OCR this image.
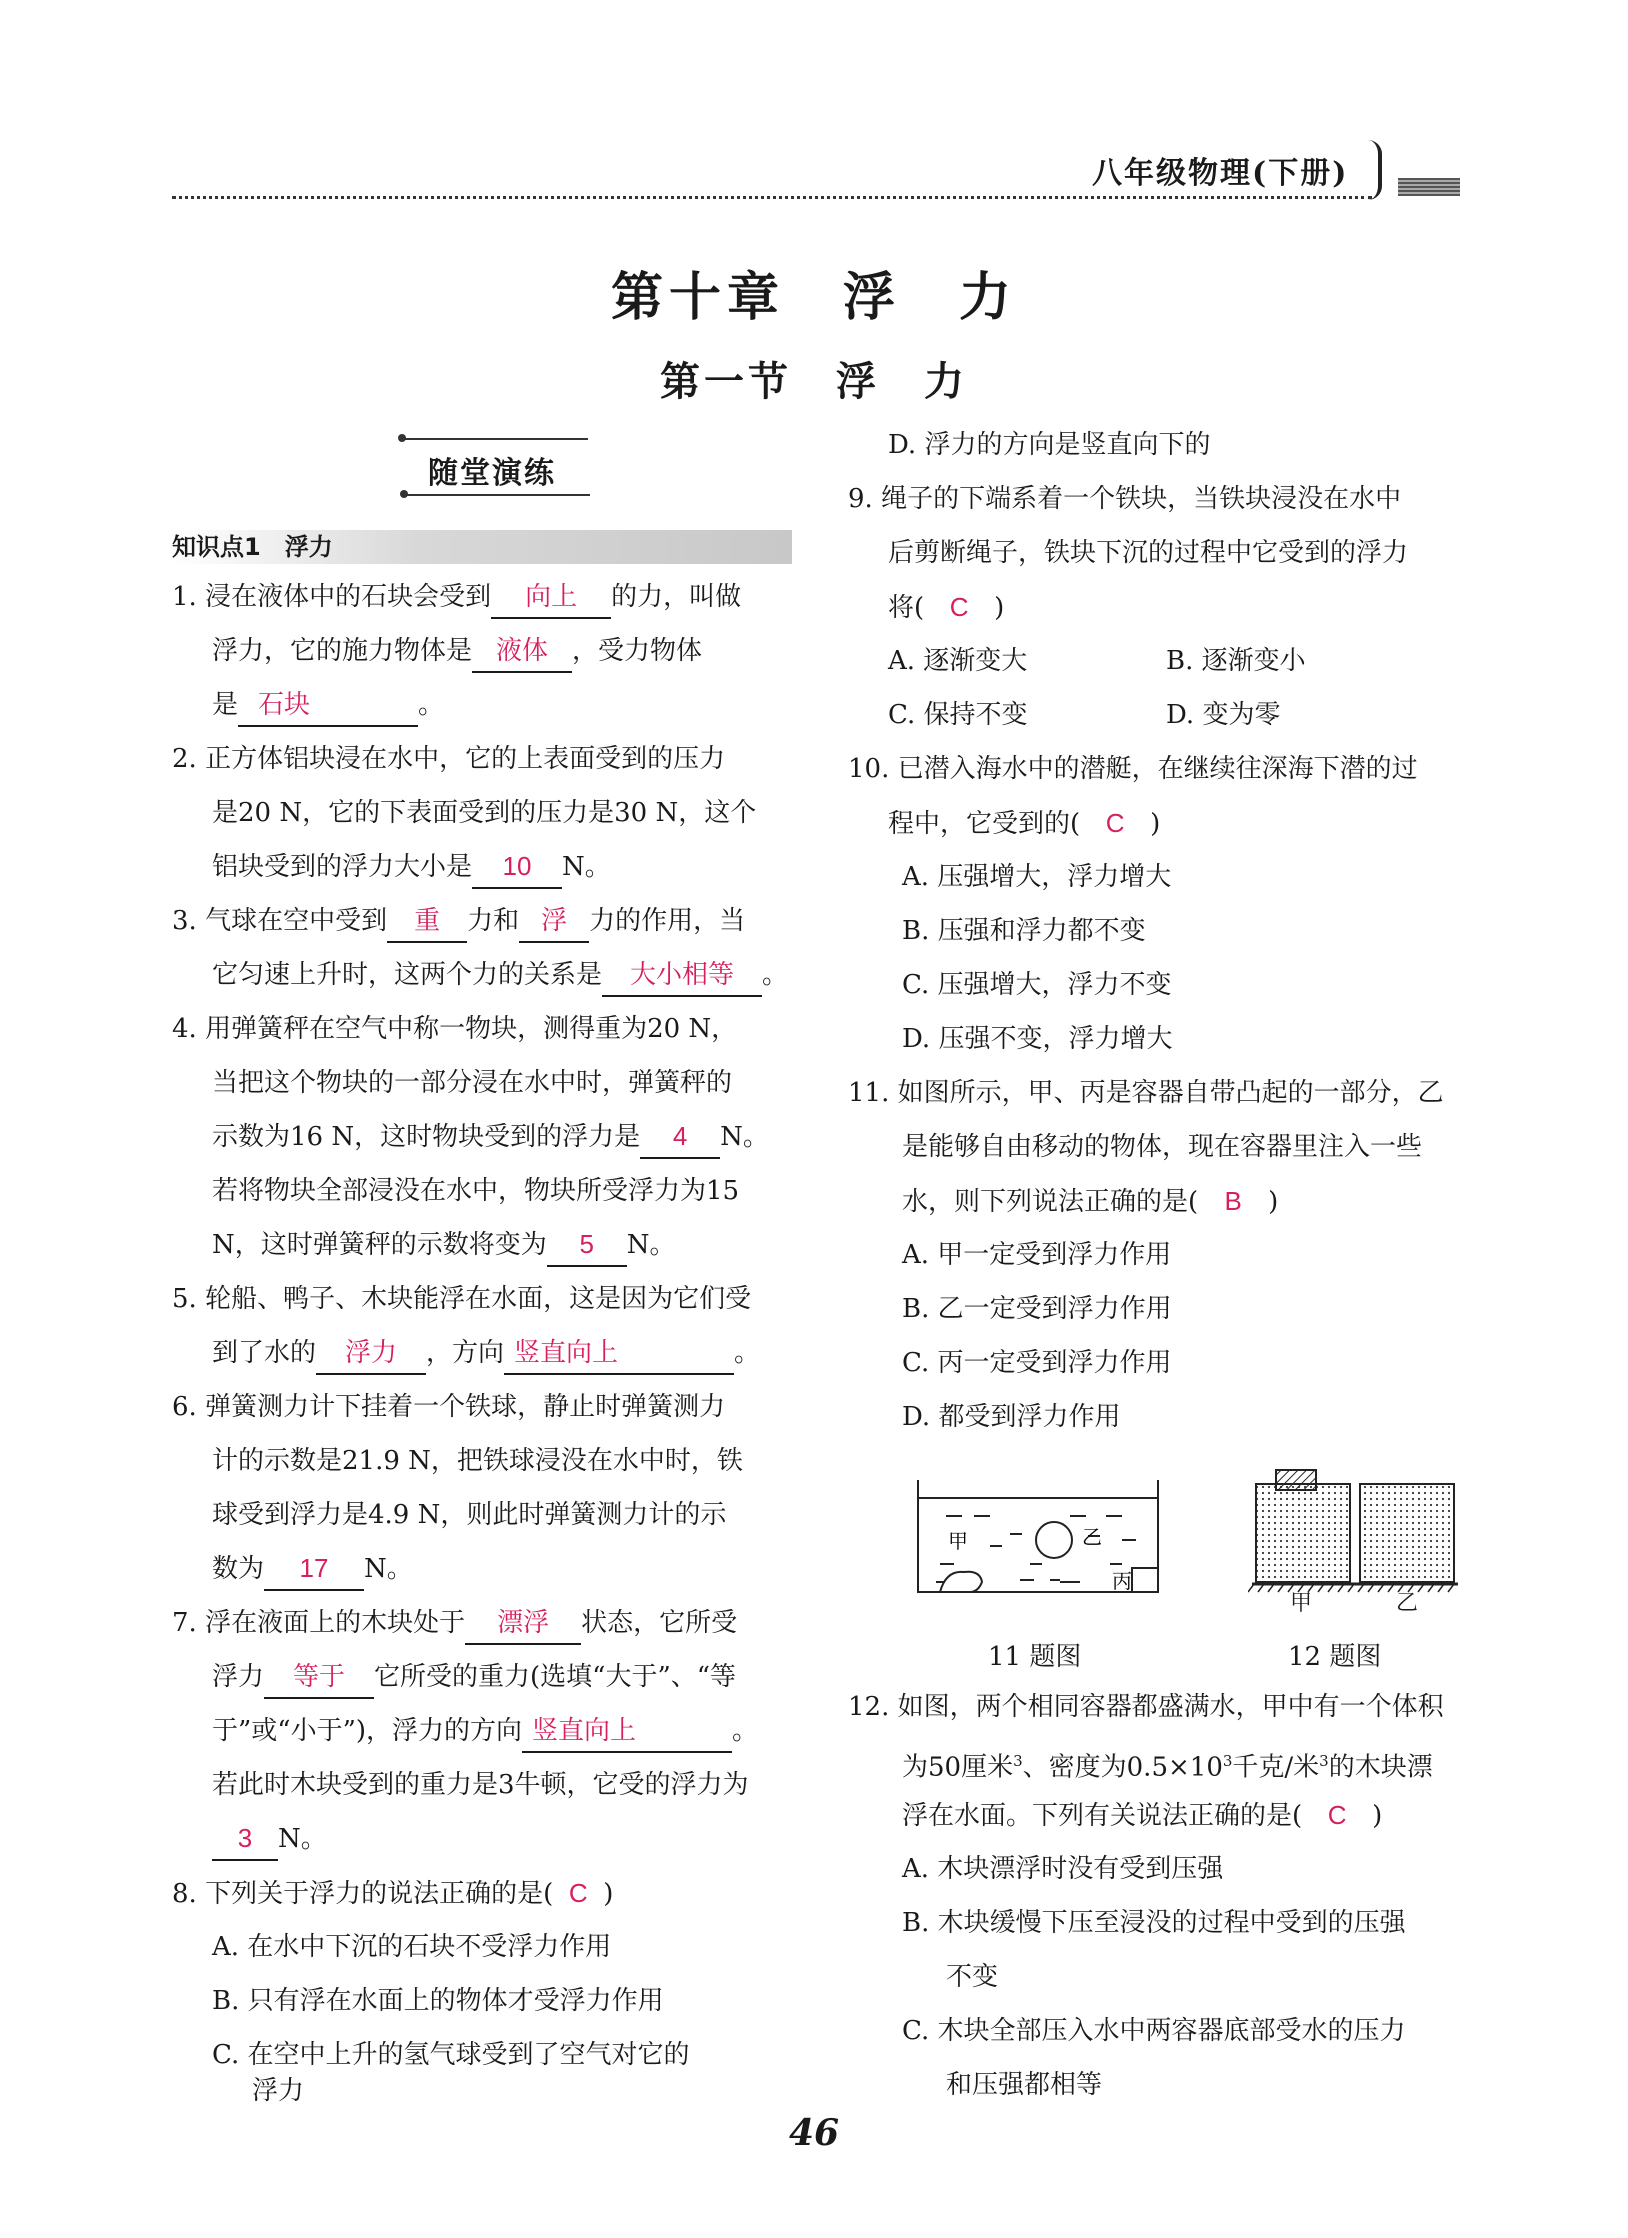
八年级物理(下册)
第十章　浮　力
第一节　浮　力
随堂演练
知识点1　浮力
1. 浸在液体中的石块会受到 向上 的力，叫做
浮力，它的施力物体是 液体 ，受力物体
是 石块	。
2. 正方体铝块浸在水中，它的上表面受到的压力
是20 N，它的下表面受到的压力是30 N，这个
铝块受到的浮力大小是 10 N。
3. 气球在空中受到 重 力和 浮 力的作用，当
它匀速上升时，这两个力的关系是 大小相等 。
4. 用弹簧秤在空气中称一物块，测得重为20 N，
当把这个物块的一部分浸在水中时，弹簧秤的
示数为16 N，这时物块受到的浮力是 4 N。
若将物块全部浸没在水中，物块所受浮力为15
N，这时弹簧秤的示数将变为 5 N。
5. 轮船、鸭子、木块能浮在水面，这是因为它们受
到了水的 浮力 ，方向 竖直向上	。
6. 弹簧测力计下挂着一个铁球，静止时弹簧测力
计的示数是21.9 N，把铁球浸没在水中时，铁
球受到浮力是4.9 N，则此时弹簧测力计的示
数为 17 N。
7. 浮在液面上的木块处于 漂浮 状态，它所受
浮力 等于 它所受的重力(选填“大于”、“等
于”或“小于”)，浮力的方向 竖直向上	。
若此时木块受到的重力是3牛顿，它受的浮力为
3 N。
8. 下列关于浮力的说法正确的是( C )
A. 在水中下沉的石块不受浮力作用
B. 只有浮在水面上的物体才受浮力作用
C. 在空中上升的氢气球受到了空气对它的
浮力
D. 浮力的方向是竖直向下的
9. 绳子的下端系着一个铁块，当铁块浸没在水中
后剪断绳子，铁块下沉的过程中它受到的浮力
将( C )
A. 逐渐变大	B. 逐渐变小
C. 保持不变	D. 变为零
10. 已潜入海水中的潜艇，在继续往深海下潜的过
程中，它受到的( C )
A. 压强增大，浮力增大
B. 压强和浮力都不变
C. 压强增大，浮力不变
D. 压强不变，浮力增大
11. 如图所示，甲、丙是容器自带凸起的一部分，乙
是能够自由移动的物体，现在容器里注入一些
水，则下列说法正确的是( B )
A. 甲一定受到浮力作用
B. 乙一定受到浮力作用
C. 丙一定受到浮力作用
D. 都受到浮力作用
甲	乙
丙
甲	乙
11 题图	12 题图
12. 如图，两个相同容器都盛满水，甲中有一个体积
为50厘米$^3$、密度为$0.5\times 10^3$千克/米$^3$的木块漂
浮在水面。下列有关说法正确的是( C )
A. 木块漂浮时没有受到压强
B. 木块缓慢下压至浸没的过程中受到的压强
不变
C. 木块全部压入水中两容器底部受水的压力
和压强都相等
46
